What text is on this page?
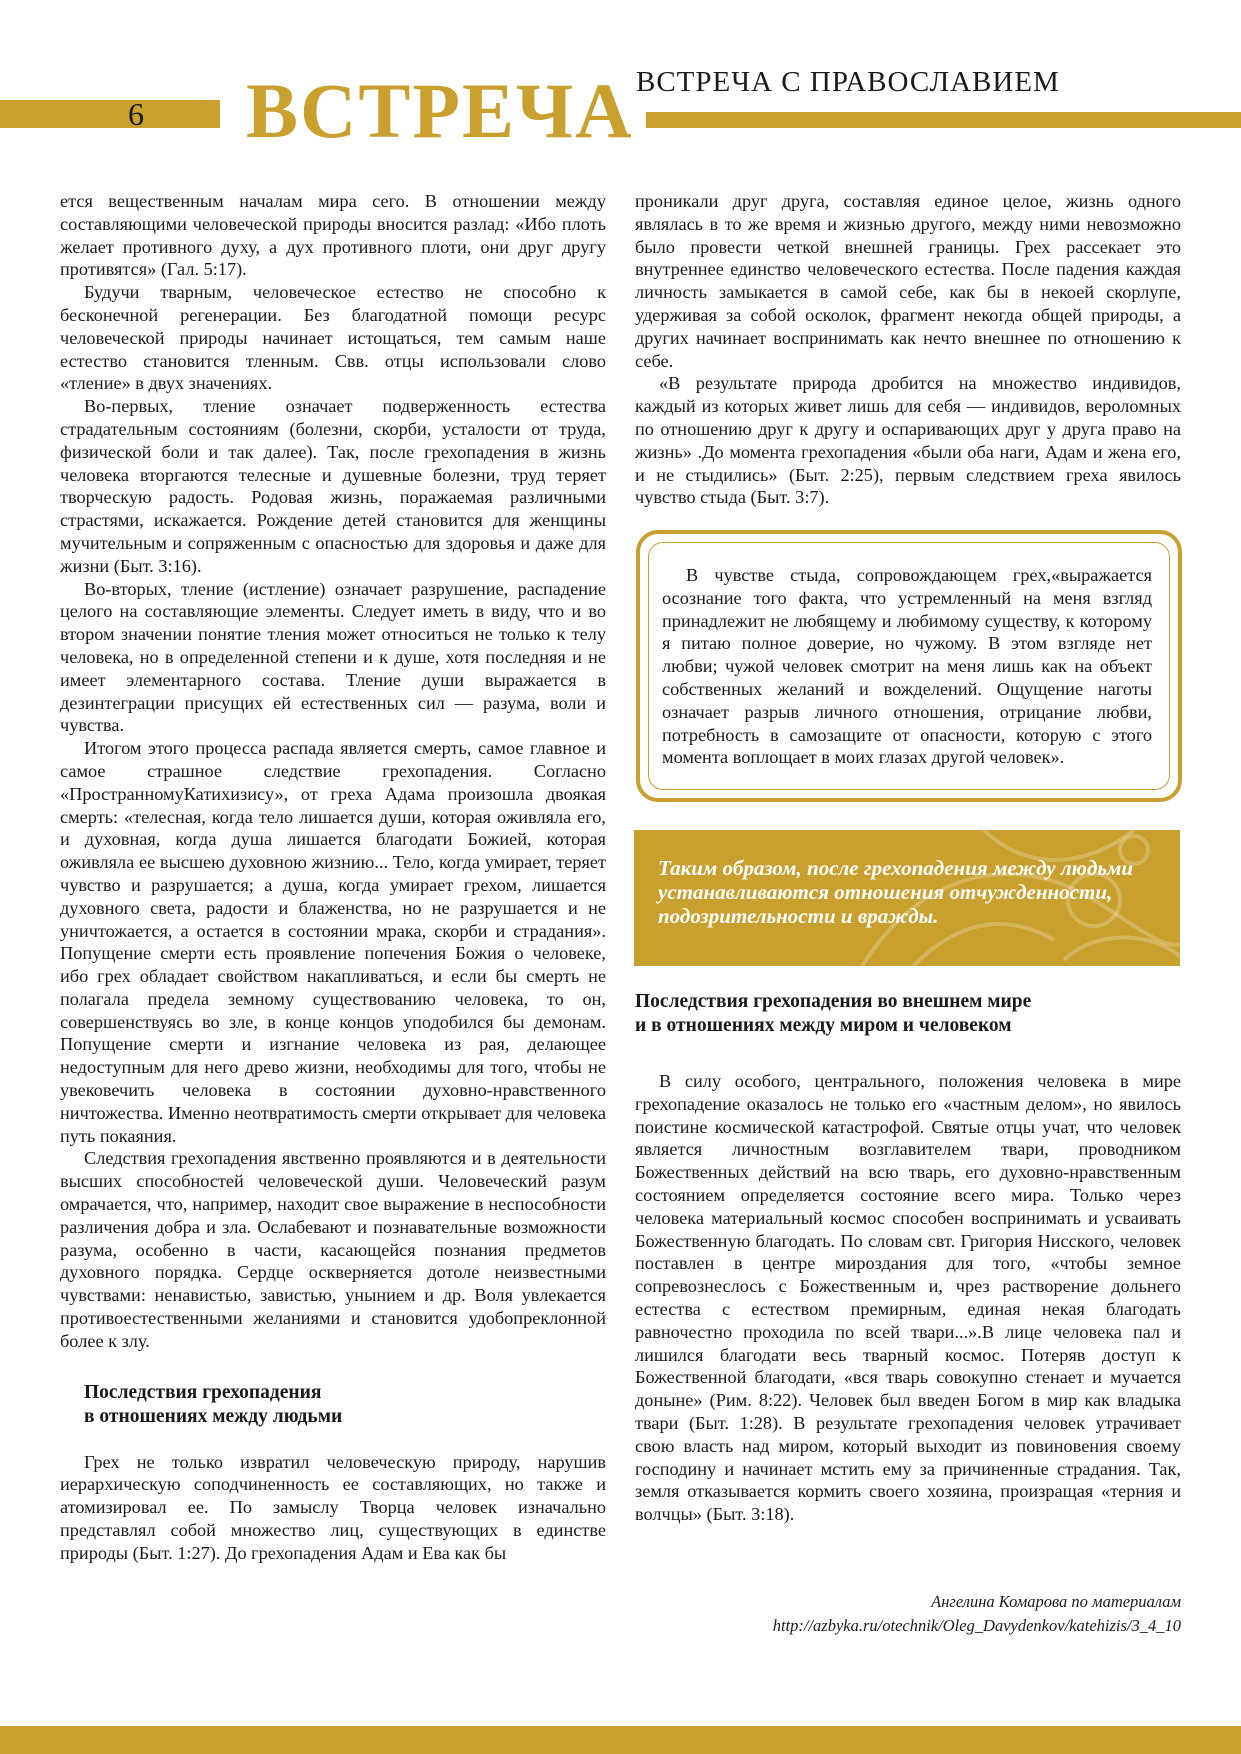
6 ВСТРЕЧА ВСТРЕЧА С ПРАВОСЛАВИЕМ

ется вещественным началам мира сего. В отношении между составляющими человеческой природы вносится разлад: «Ибо плоть желает противного духу, а дух противного плоти, они друг другу противятся» (Гал. 5:17).

Будучи тварным, человеческое естество не способно к бесконечной регенерации. Без благодатной помощи ресурс человеческой природы начинает истощаться, тем самым наше естество становится тленным. Свв. отцы использовали слово «тление» в двух значениях.

Во-первых, тление означает подверженность естества страдательным состояниям (болезни, скорби, усталости от труда, физической боли и так далее). Так, после грехопадения в жизнь человека вторгаются телесные и душевные болезни, труд теряет творческую радость. Родовая жизнь, поражаемая различными страстями, искажается. Рождение детей становится для женщины мучительным и сопряженным с опасностью для здоровья и даже для жизни (Быт. 3:16).

Во-вторых, тление (истление) означает разрушение, распадение целого на составляющие элементы. Следует иметь в виду, что и во втором значении понятие тления может относиться не только к телу человека, но в определенной степени и к душе, хотя последняя и не имеет элементарного состава. Тление души выражается в дезинтеграции присущих ей естественных сил — разума, воли и чувства.

Итогом этого процесса распада является смерть, самое главное и самое страшное следствие грехопадения. Согласно «ПространномуКатихизису», от греха Адама произошла двоякая смерть: «телесная, когда тело лишается души, которая оживляла его, и духовная, когда душа лишается благодати Божией, которая оживляла ее высшею духовною жизнию... Тело, когда умирает, теряет чувство и разрушается; а душа, когда умирает грехом, лишается духовного света, радости и блаженства, но не разрушается и не уничтожается, а остается в состоянии мрака, скорби и страдания». Попущение смерти есть проявление попечения Божия о человеке, ибо грех обладает свойством накапливаться, и если бы смерть не полагала предела земному существованию человека, то он, совершенствуясь во зле, в конце концов уподобился бы демонам. Попущение смерти и изгнание человека из рая, делающее недоступным для него древо жизни, необходимы для того, чтобы не увековечить человека в состоянии духовно-нравственного ничтожества. Именно неотвратимость смерти открывает для человека путь покаяния.

Следствия грехопадения явственно проявляются и в деятельности высших способностей человеческой души. Человеческий разум омрачается, что, например, находит свое выражение в неспособности различения добра и зла. Ослабевают и познавательные возможности разума, особенно в части, касающейся познания предметов духовного порядка. Сердце оскверняется дотоле неизвестными чувствами: ненавистью, завистью, унынием и др. Воля увлекается противоестественными желаниями и становится удобопреклонной более к злу.

Последствия грехопадения
в отношениях между людьми

Грех не только извратил человеческую природу, нарушив иерархическую соподчиненность ее составляющих, но также и атомизировал ее. По замыслу Творца человек изначально представлял собой множество лиц, существующих в единстве природы (Быт. 1:27). До грехопадения Адам и Ева как бы

проникали друг друга, составляя единое целое, жизнь одного являлась в то же время и жизнью другого, между ними невозможно было провести четкой внешней границы. Грех рассекает это внутреннее единство человеческого естества. После падения каждая личность замыкается в самой себе, как бы в некоей скорлупе, удерживая за собой осколок, фрагмент некогда общей природы, а других начинает воспринимать как нечто внешнее по отношению к себе.

«В результате природа дробится на множество индивидов, каждый из которых живет лишь для себя — индивидов, вероломных по отношению друг к другу и оспаривающих друг у друга право на жизнь» .До момента грехопадения «были оба наги, Адам и жена его, и не стыдились» (Быт. 2:25), первым следствием греха явилось чувство стыда (Быт. 3:7).

В чувстве стыда, сопровождающем грех,«выражается осознание того факта, что устремленный на меня взгляд принадлежит не любящему и любимому существу, к которому я питаю полное доверие, но чужому. В этом взгляде нет любви; чужой человек смотрит на меня лишь как на объект собственных желаний и вожделений. Ощущение наготы означает разрыв личного отношения, отрицание любви, потребность в самозащите от опасности, которую с этого момента воплощает в моих глазах другой человек».

Таким образом, после грехопадения между людьми устанавливаются отношения отчужденности, подозрительности и вражды.

Последствия грехопадения во внешнем мире
и в отношениях между миром и человеком

В силу особого, центрального, положения человека в мире грехопадение оказалось не только его «частным делом», но явилось поистине космической катастрофой. Святые отцы учат, что человек является личностным возглавителем твари, проводником Божественных действий на всю тварь, его духовно-нравственным состоянием определяется состояние всего мира. Только через человека материальный космос способен воспринимать и усваивать Божественную благодать. По словам свт. Григория Нисского, человек поставлен в центре мироздания для того, «чтобы земное сопревознеслось с Божественным и, чрез растворение дольнего естества с естеством премирным, единая некая благодать равночестно проходила по всей твари...».В лице человека пал и лишился благодати весь тварный космос. Потеряв доступ к Божественной благодати, «вся тварь совокупно стенает и мучается доныне» (Рим. 8:22). Человек был введен Богом в мир как владыка твари (Быт. 1:28). В результате грехопадения человек утрачивает свою власть над миром, который выходит из повиновения своему господину и начинает мстить ему за причиненные страдания. Так, земля отказывается кормить своего хозяина, произращая «терния и волчцы» (Быт. 3:18).

Ангелина Комарова по материалам
http://azbyka.ru/otechnik/Oleg_Davydenkov/katehizis/3_4_10
